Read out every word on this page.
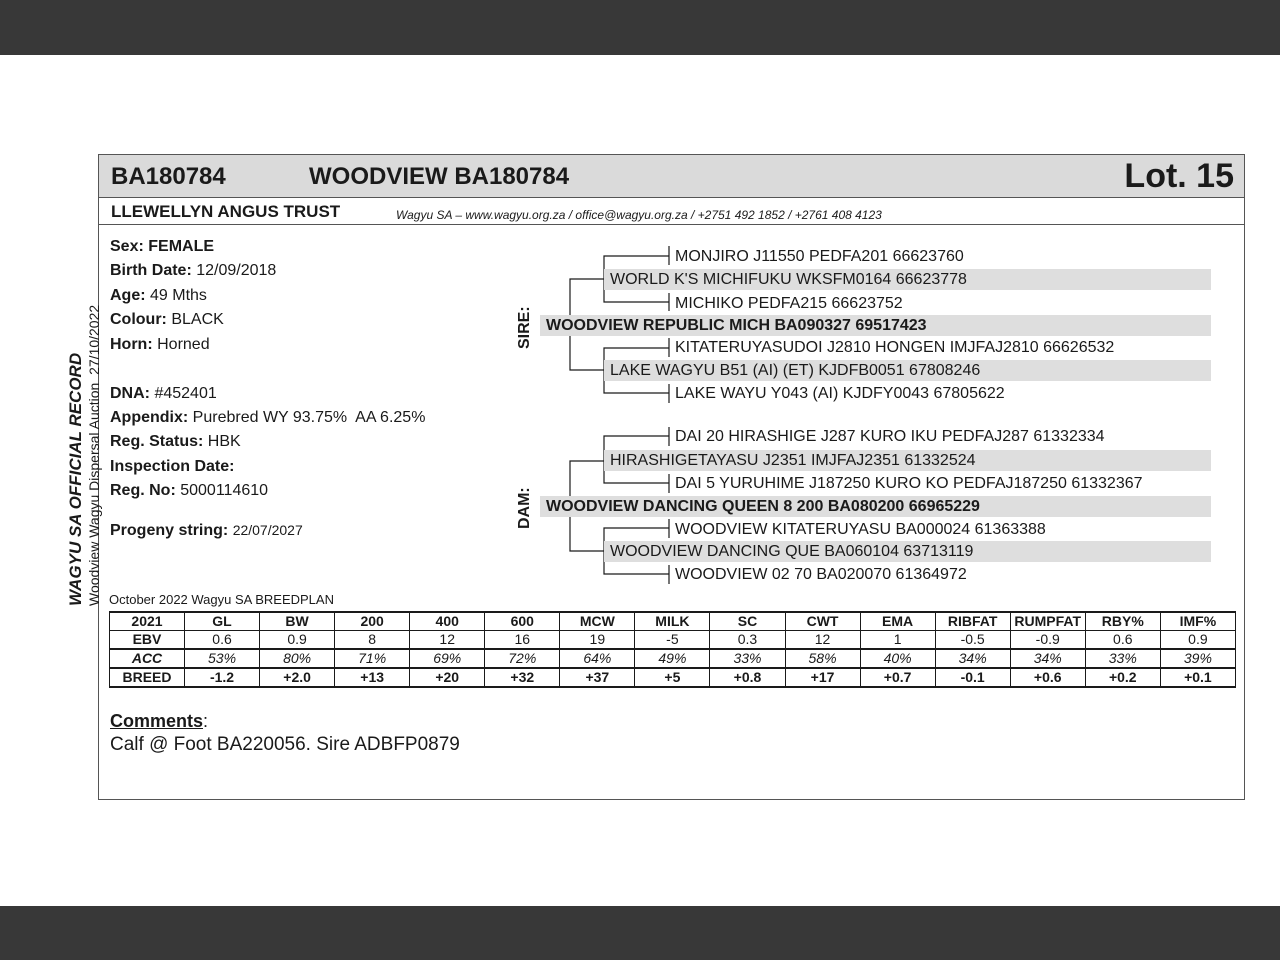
BA180784	WOODVIEW BA180784	Lot. 15
LLEWELLYN ANGUS TRUST	Wagyu SA – www.wagyu.org.za / office@wagyu.org.za / +2751 492 1852 / +2761 408 4123
Sex: FEMALE
Birth Date: 12/09/2018
Age: 49 Mths
Colour: BLACK
Horn: Horned
DNA: #452401
Appendix: Purebred WY 93.75%  AA 6.25%
Reg. Status: HBK
Inspection Date:
Reg. No: 5000114610
Progeny string: 22/07/2027
SIRE:
DAM:
MONJIRO J11550 PEDFA201 66623760
WORLD K'S MICHIFUKU WKSFM0164 66623778
MICHIKO PEDFA215 66623752
WOODVIEW REPUBLIC MICH BA090327 69517423
KITATERUYASUDOI J2810 HONGEN IMJFAJ2810 66626532
LAKE WAGYU B51 (AI) (ET) KJDFB0051 67808246
LAKE WAYU Y043 (AI) KJDFY0043 67805622
DAI 20 HIRASHIGE J287 KURO IKU PEDFAJ287 61332334
HIRASHIGETAYASU J2351 IMJFAJ2351 61332524
DAI 5 YURUHIME J187250 KURO KO PEDFAJ187250 61332367
WOODVIEW DANCING QUEEN 8 200 BA080200 66965229
WOODVIEW KITATERUYASU BA000024 61363388
WOODVIEW DANCING QUE BA060104 63713119
WOODVIEW 02 70 BA020070 61364972
October 2022 Wagyu SA BREEDPLAN
2021	GL	BW	200	400	600	MCW	MILK	SC	CWT	EMA	RIBFAT	RUMPFAT	RBY%	IMF%
EBV	0.6	0.9	8	12	16	19	-5	0.3	12	1	-0.5	-0.9	0.6	0.9
ACC	53%	80%	71%	69%	72%	64%	49%	33%	58%	40%	34%	34%	33%	39%
BREED	-1.2	+2.0	+13	+20	+32	+37	+5	+0.8	+17	+0.7	-0.1	+0.6	+0.2	+0.1
Comments:
Calf @ Foot BA220056. Sire ADBFP0879
WAGYU SA OFFICIAL RECORD Woodview Wagyu Dispersal Auction  27/10/2022
